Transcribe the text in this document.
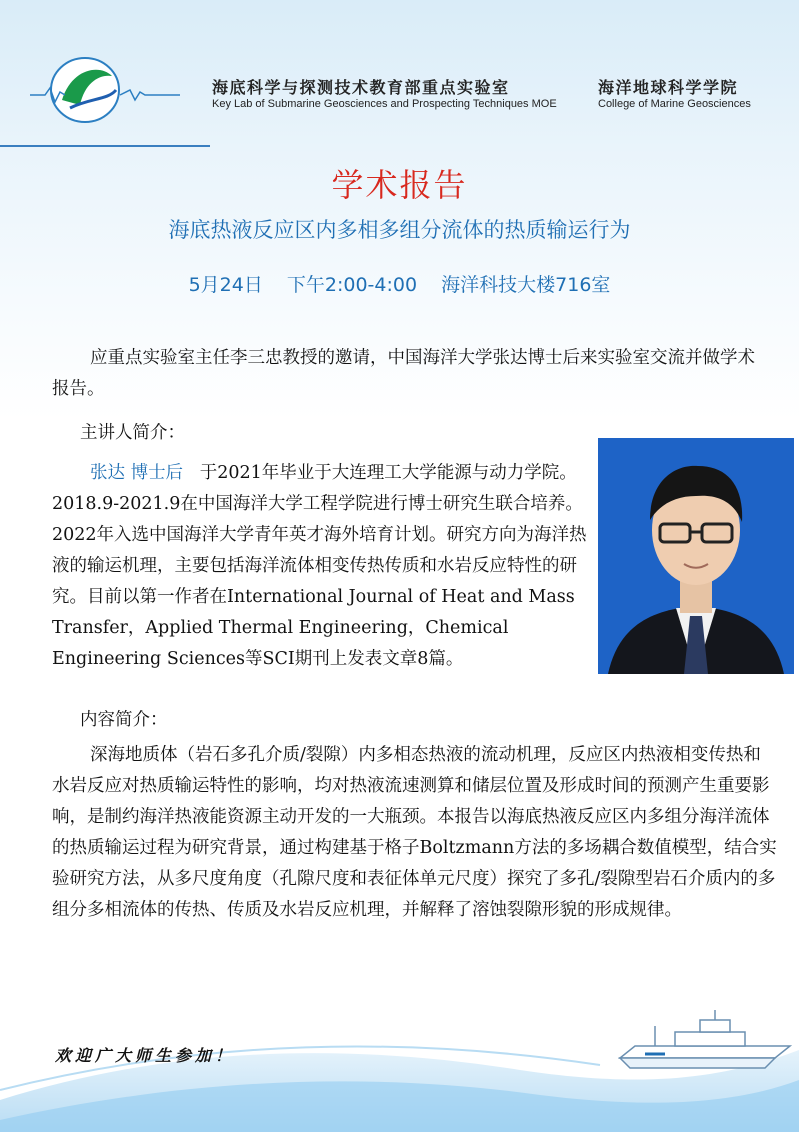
海底科学与探测技术教育部重点实验室
Key Lab of Submarine Geosciences and Prospecting Techniques MOE
海洋地球科学学院
College of Marine Geosciences
学术报告
海底热液反应区内多相多组分流体的热质输运行为
5月24日 下午2:00-4:00 海洋科技大楼716室
应重点实验室主任李三忠教授的邀请，中国海洋大学张达博士后来实验室交流并做学术报告。
主讲人简介：
张达 博士后 于2021年毕业于大连理工大学能源与动力学院。2018.9-2021.9在中国海洋大学工程学院进行博士研究生联合培养。2022年入选中国海洋大学青年英才海外培育计划。研究方向为海洋热液的输运机理，主要包括海洋流体相变传热传质和水岩反应特性的研究。目前以第一作者在International Journal of Heat and Mass Transfer，Applied Thermal Engineering，Chemical Engineering Sciences等SCI期刊上发表文章8篇。
内容简介：
深海地质体（岩石多孔介质/裂隙）内多相态热液的流动机理，反应区内热液相变传热和水岩反应对热质输运特性的影响，均对热液流速测算和储层位置及形成时间的预测产生重要影响，是制约海洋热液能资源主动开发的一大瓶颈。本报告以海底热液反应区内多组分海洋流体的热质输运过程为研究背景，通过构建基于格子Boltzmann方法的多场耦合数值模型，结合实验研究方法，从多尺度角度（孔隙尺度和表征体单元尺度）探究了多孔/裂隙型岩石介质内的多组分多相流体的传热、传质及水岩反应机理，并解释了溶蚀裂隙形貌的形成规律。
欢迎广大师生参加！
